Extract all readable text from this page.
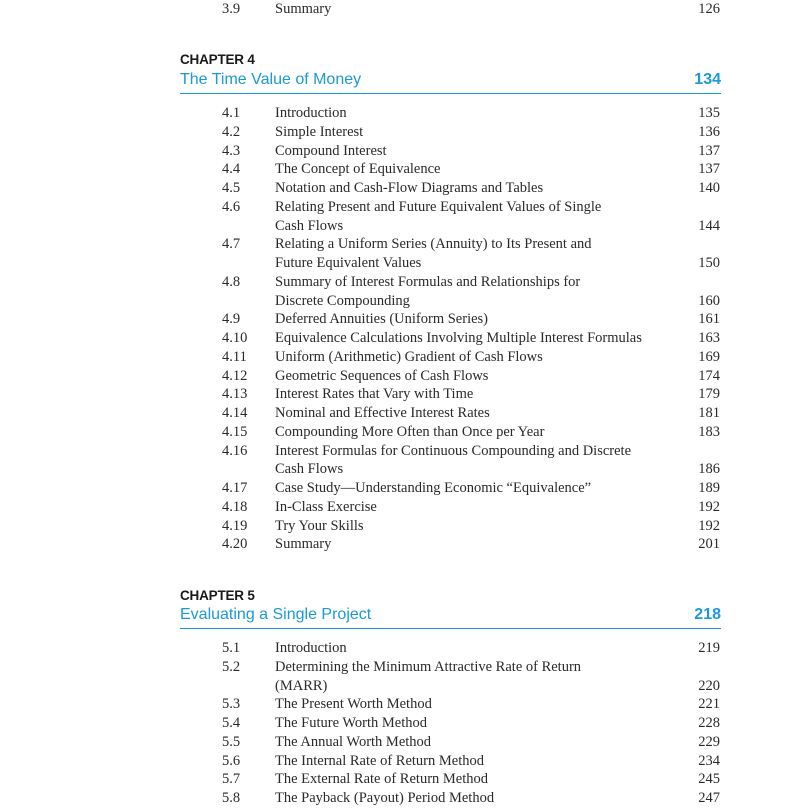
3.9 Summary	126
CHAPTER 4
The Time Value of Money	134
4.1 Introduction	135
4.2 Simple Interest	136
4.3 Compound Interest	137
4.4 The Concept of Equivalence	137
4.5 Notation and Cash-Flow Diagrams and Tables	140
4.6 Relating Present and Future Equivalent Values of Single
Cash Flows	144
4.7 Relating a Uniform Series (Annuity) to Its Present and
Future Equivalent Values	150
4.8 Summary of Interest Formulas and Relationships for
Discrete Compounding	160
4.9 Deferred Annuities (Uniform Series)	161
4.10 Equivalence Calculations Involving Multiple Interest Formulas	163
4.11 Uniform (Arithmetic) Gradient of Cash Flows	169
4.12 Geometric Sequences of Cash Flows	174
4.13 Interest Rates that Vary with Time	179
4.14 Nominal and Effective Interest Rates	181
4.15 Compounding More Often than Once per Year	183
4.16 Interest Formulas for Continuous Compounding and Discrete
Cash Flows	186
4.17 Case Study—Understanding Economic “Equivalence”	189
4.18 In-Class Exercise	192
4.19 Try Your Skills	192
4.20 Summary	201
CHAPTER 5
Evaluating a Single Project	218
5.1 Introduction	219
5.2 Determining the Minimum Attractive Rate of Return
(MARR)	220
5.3 The Present Worth Method	221
5.4 The Future Worth Method	228
5.5 The Annual Worth Method	229
5.6 The Internal Rate of Return Method	234
5.7 The External Rate of Return Method	245
5.8 The Payback (Payout) Period Method	247
